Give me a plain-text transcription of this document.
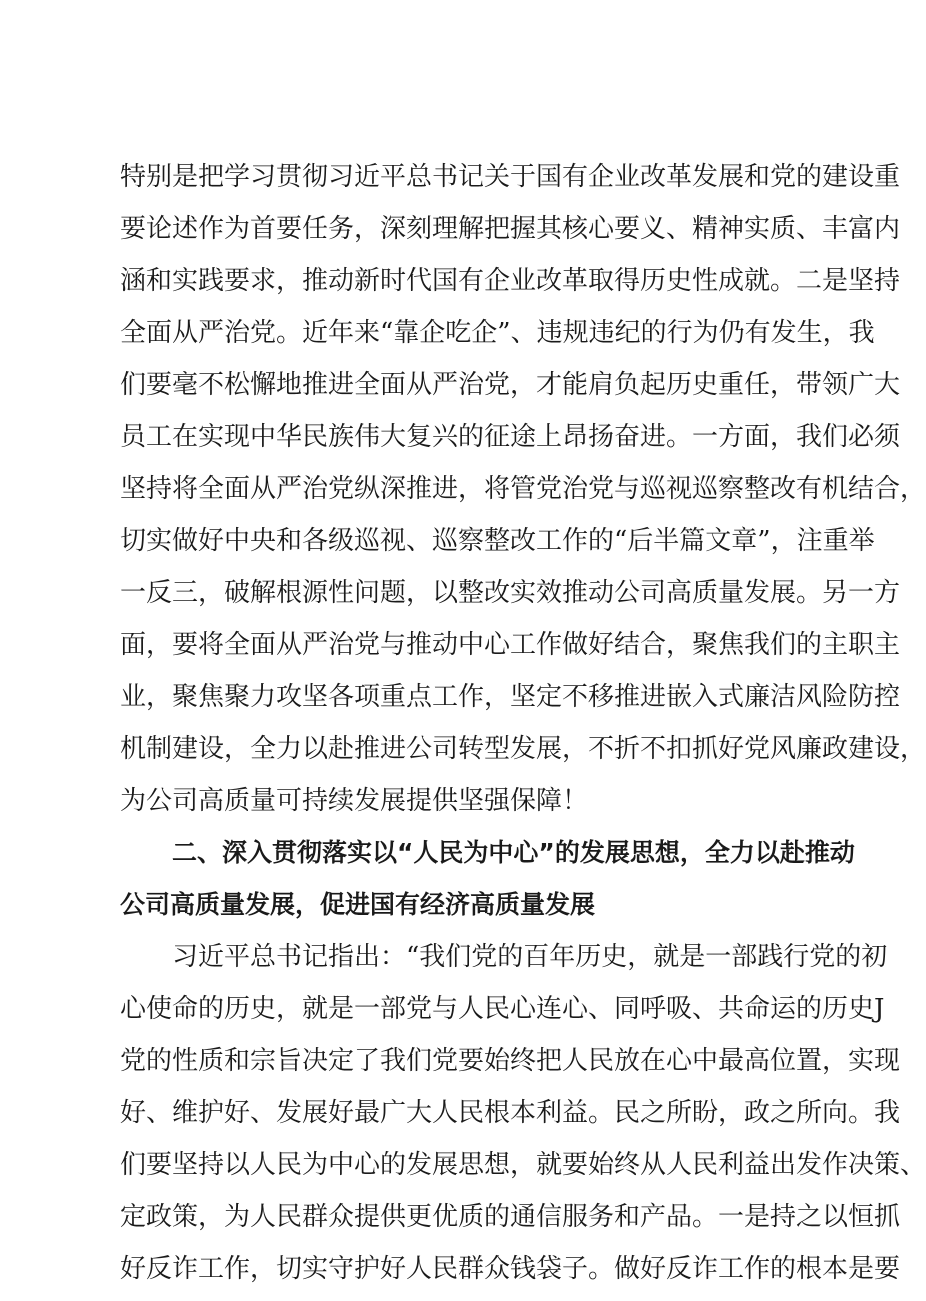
特别是把学习贯彻习近平总书记关于国有企业改革发展和党的建设重
要论述作为首要任务，深刻理解把握其核心要义、精神实质、丰富内
涵和实践要求，推动新时代国有企业改革取得历史性成就。二是坚持
全面从严治党。近年来“靠企吃企”、违规违纪的行为仍有发生，我
们要毫不松懈地推进全面从严治党，才能肩负起历史重任，带领广大
员工在实现中华民族伟大复兴的征途上昂扬奋进。一方面，我们必须
坚持将全面从严治党纵深推进，将管党治党与巡视巡察整改有机结合，
切实做好中央和各级巡视、巡察整改工作的“后半篇文章”，注重举
一反三，破解根源性问题，以整改实效推动公司高质量发展。另一方
面，要将全面从严治党与推动中心工作做好结合，聚焦我们的主职主
业，聚焦聚力攻坚各项重点工作，坚定不移推进嵌入式廉洁风险防控
机制建设，全力以赴推进公司转型发展，不折不扣抓好党风廉政建设，
为公司高质量可持续发展提供坚强保障！
二、深入贯彻落实以“人民为中心”的发展思想，全力以赴推动
公司高质量发展，促进国有经济高质量发展
习近平总书记指出：“我们党的百年历史，就是一部践行党的初
心使命的历史，就是一部党与人民心连心、同呼吸、共命运的历史J
党的性质和宗旨决定了我们党要始终把人民放在心中最高位置，实现
好、维护好、发展好最广大人民根本利益。民之所盼，政之所向。我
们要坚持以人民为中心的发展思想，就要始终从人民利益出发作决策、
定政策，为人民群众提供更优质的通信服务和产品。一是持之以恒抓
好反诈工作，切实守护好人民群众钱袋子。做好反诈工作的根本是要
